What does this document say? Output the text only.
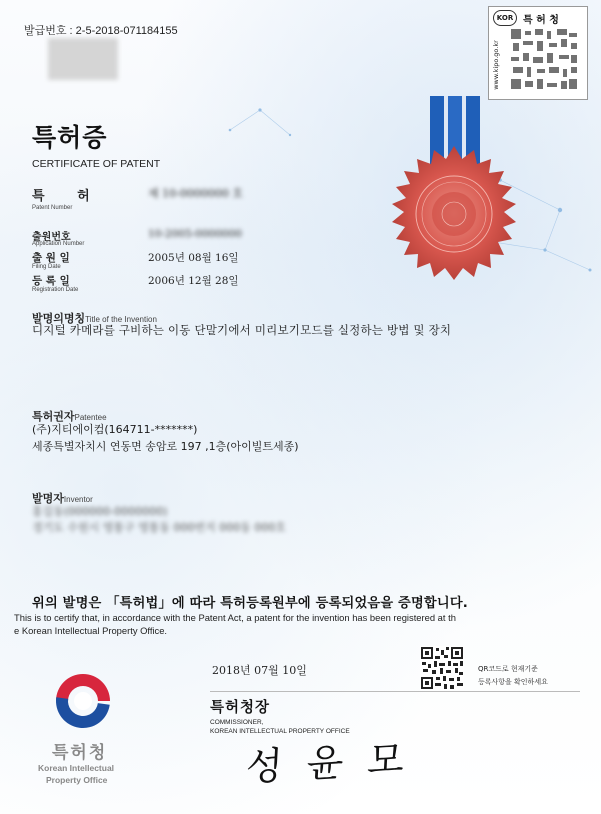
발급번호 : 2-5-2018-071184155
특 허 청
KOR
www.kipo.go.kr
특허증
CERTIFICATE OF PATENT
특 허
Patent Number
제 10-0000000 호
출원번호
Application Number
10-2005-0000000
출 원 일
Filing Date
2005년 08월 16일
등 록 일
Registration Date
2006년 12월 28일
발명의명칭Title of the Invention
디지털 카메라를 구비하는 이동 단말기에서 미리보기모드를 실정하는 방법 및 장치
특허권자Patentee
(주)지티에이컴(164711-*******)
세종특별자치시 연동면 송암로 197 ,1층(아이빌트세종)
발명자Inventor
홍길동(000000-0000000)
경기도 수원시 영통구 영통동 000번지 000동 000호
위의 발명은 「특허법」에 따라 특허등록원부에 등록되었음을 증명합니다.
This is to certify that, in accordance with the Patent Act, a patent for the invention has been registered at th
e Korean Intellectual Property Office.
2018년 07월 10일	QR코드로 현재기준
등록사항을 확인하세요
특허청장
COMMISSIONER,
KOREAN INTELLECTUAL PROPERTY OFFICE
성 윤 모
특허청
Korean Intellectual
Property Office
